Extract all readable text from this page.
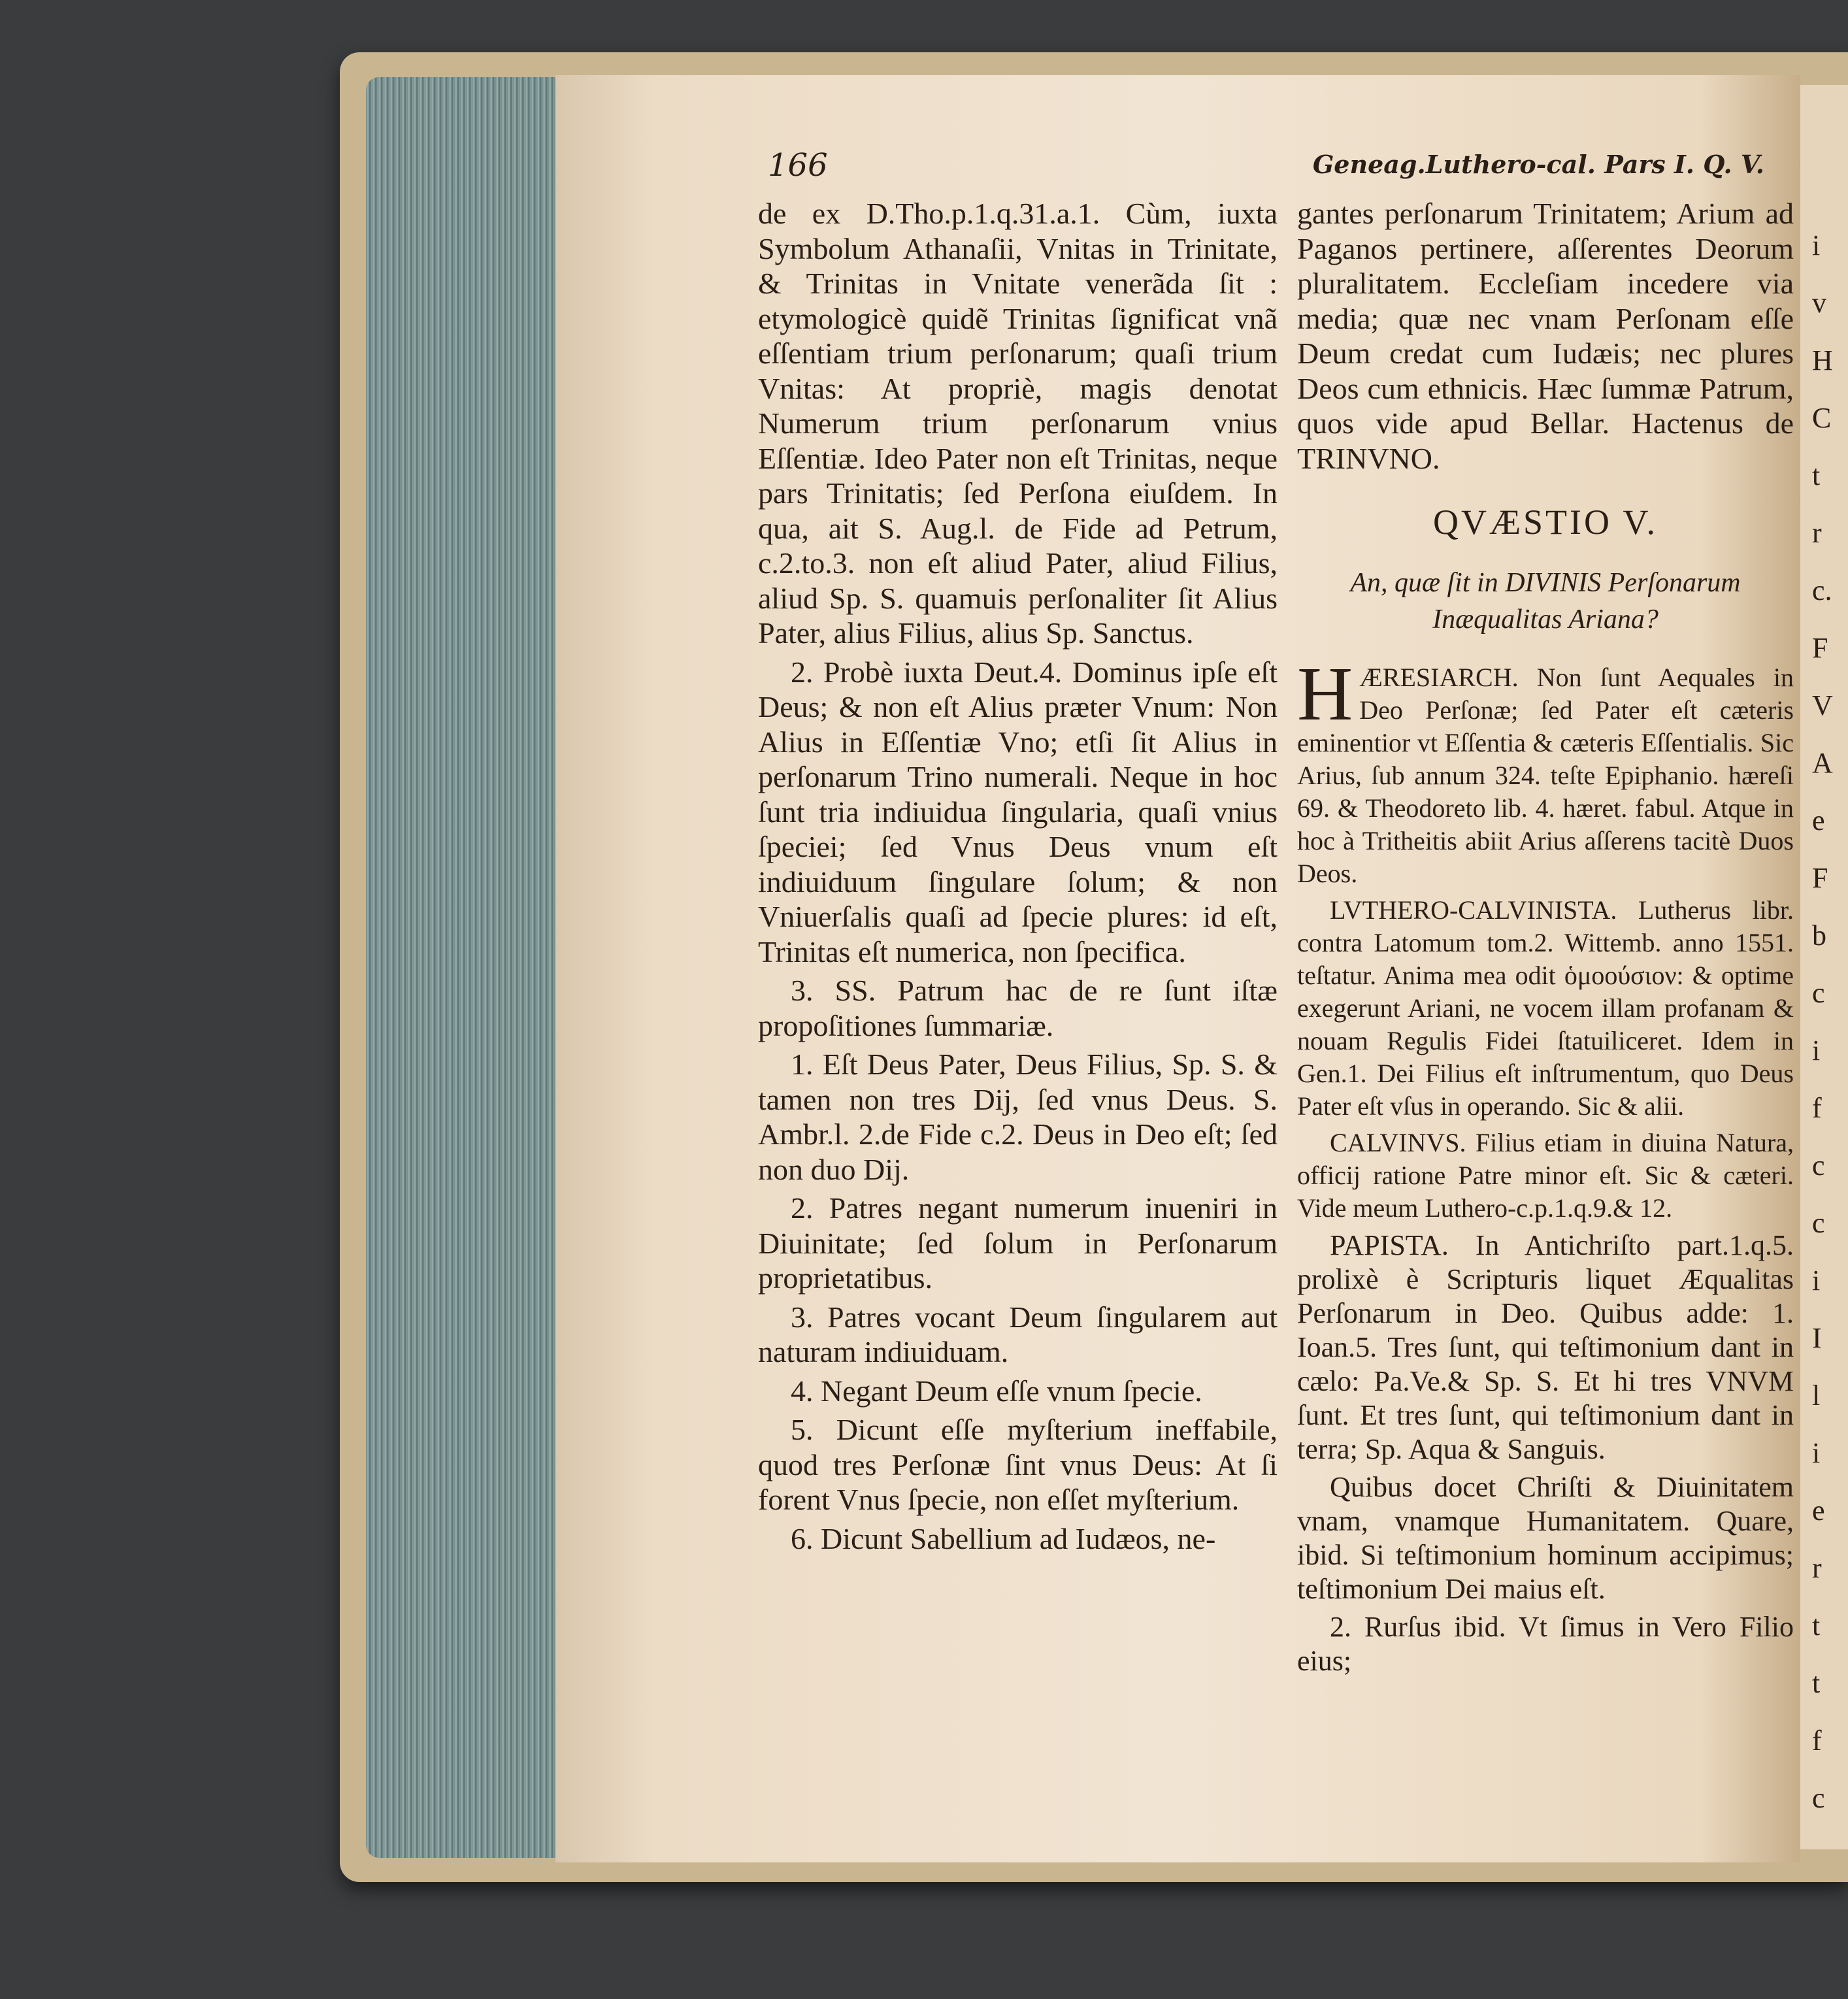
i
v
H
C
t
r
c.
F
V
A
e
F
b
c
i
f
c
c
i
I
l
i
e
r
t
t
f
c
166	Geneag.Luthero-cal. Pars I. Q. V.

de ex D.Tho.p.1.q.31.a.1. Cùm, iuxta Symbolum Athanaſii, Vnitas in Trinitate, & Trinitas in Vnitate venerãda ſit : etymologicè quidẽ Trinitas ſignificat vnã eſſentiam trium perſonarum; quaſi trium Vnitas: At propriè, magis denotat Numerum trium perſonarum vnius Eſſentiæ. Ideo Pater non eſt Trinitas, neque pars Trinitatis; ſed Perſona eiuſdem. In qua, ait S. Aug.l. de Fide ad Petrum, c.2.to.3. non eſt aliud Pater, aliud Filius, aliud Sp. S. quamuis perſonaliter ſit Alius Pater, alius Filius, alius Sp. Sanctus.

2. Probè iuxta Deut.4. Dominus ipſe eſt Deus; & non eſt Alius præter Vnum: Non Alius in Eſſentiæ Vno; etſi ſit Alius in perſonarum Trino numerali. Neque in hoc ſunt tria indiuidua ſingularia, quaſi vnius ſpeciei; ſed Vnus Deus vnum eſt indiuiduum ſingulare ſolum; & non Vniuerſalis quaſi ad ſpecie plures: id eſt, Trinitas eſt numerica, non ſpecifica.

3. SS. Patrum hac de re ſunt iſtæ propoſitiones ſummariæ.

1. Eſt Deus Pater, Deus Filius, Sp. S. & tamen non tres Dij, ſed vnus Deus. S. Ambr.l. 2.de Fide c.2. Deus in Deo eſt; ſed non duo Dij.

2. Patres negant numerum inueniri in Diuinitate; ſed ſolum in Perſonarum proprietatibus.

3. Patres vocant Deum ſingularem aut naturam indiuiduam.

4. Negant Deum eſſe vnum ſpecie.

5. Dicunt eſſe myſterium ineffabile, quod tres Perſonæ ſint vnus Deus: At ſi forent Vnus ſpecie, non eſſet myſterium.

6. Dicunt Sabellium ad Iudæos, ne-

gantes perſonarum Trinitatem; Arium ad Paganos pertinere, aſſerentes Deorum pluralitatem. Eccleſiam incedere via media; quæ nec vnam Perſonam eſſe Deum credat cum Iudæis; nec plures Deos cum ethnicis. Hæc ſummæ Patrum, quos vide apud Bellar. Hactenus de TRINVNO.

QVÆSTIO V.
An, quæ ſit in DIVINIS Perſonarum Inæqualitas Ariana?

H ÆRESIARCH. Non ſunt Aequales in Deo Perſonæ; ſed Pater eſt cæteris eminentior vt Eſſentia & cæteris Eſſentialis. Sic Arius, ſub annum 324. teſte Epiphanio. hæreſi 69. & Theodoreto lib. 4. hæret. fabul. Atque in hoc à Tritheitis abiit Arius aſſerens tacitè Duos Deos.

LVTHERO-CALVINISTA. Lutherus libr. contra Latomum tom.2. Wittemb. anno 1551. teſtatur. Anima mea odit ὁμοούσιον: & optime exegerunt Ariani, ne vocem illam profanam & nouam Regulis Fidei ſtatuiliceret. Idem in Gen.1. Dei Filius eſt inſtrumentum, quo Deus Pater eſt vſus in operando. Sic & alii.

CALVINVS. Filius etiam in diuina Natura, officij ratione Patre minor eſt. Sic & cæteri. Vide meum Luthero-c.p.1.q.9.& 12.

PAPISTA. In Antichriſto part.1.q.5. prolixè è Scripturis liquet Æqualitas Perſonarum in Deo. Quibus adde: 1. Ioan.5. Tres ſunt, qui teſtimonium dant in cælo: Pa.Ve.& Sp. S. Et hi tres VNVM ſunt. Et tres ſunt, qui teſtimonium dant in terra; Sp. Aqua & Sanguis.

Quibus docet Chriſti & Diuinitatem vnam, vnamque Humanitatem. Quare, ibid. Si teſtimonium hominum accipimus; teſtimonium Dei maius eſt.

2. Rurſus ibid. Vt ſimus in Vero Filio eius;
